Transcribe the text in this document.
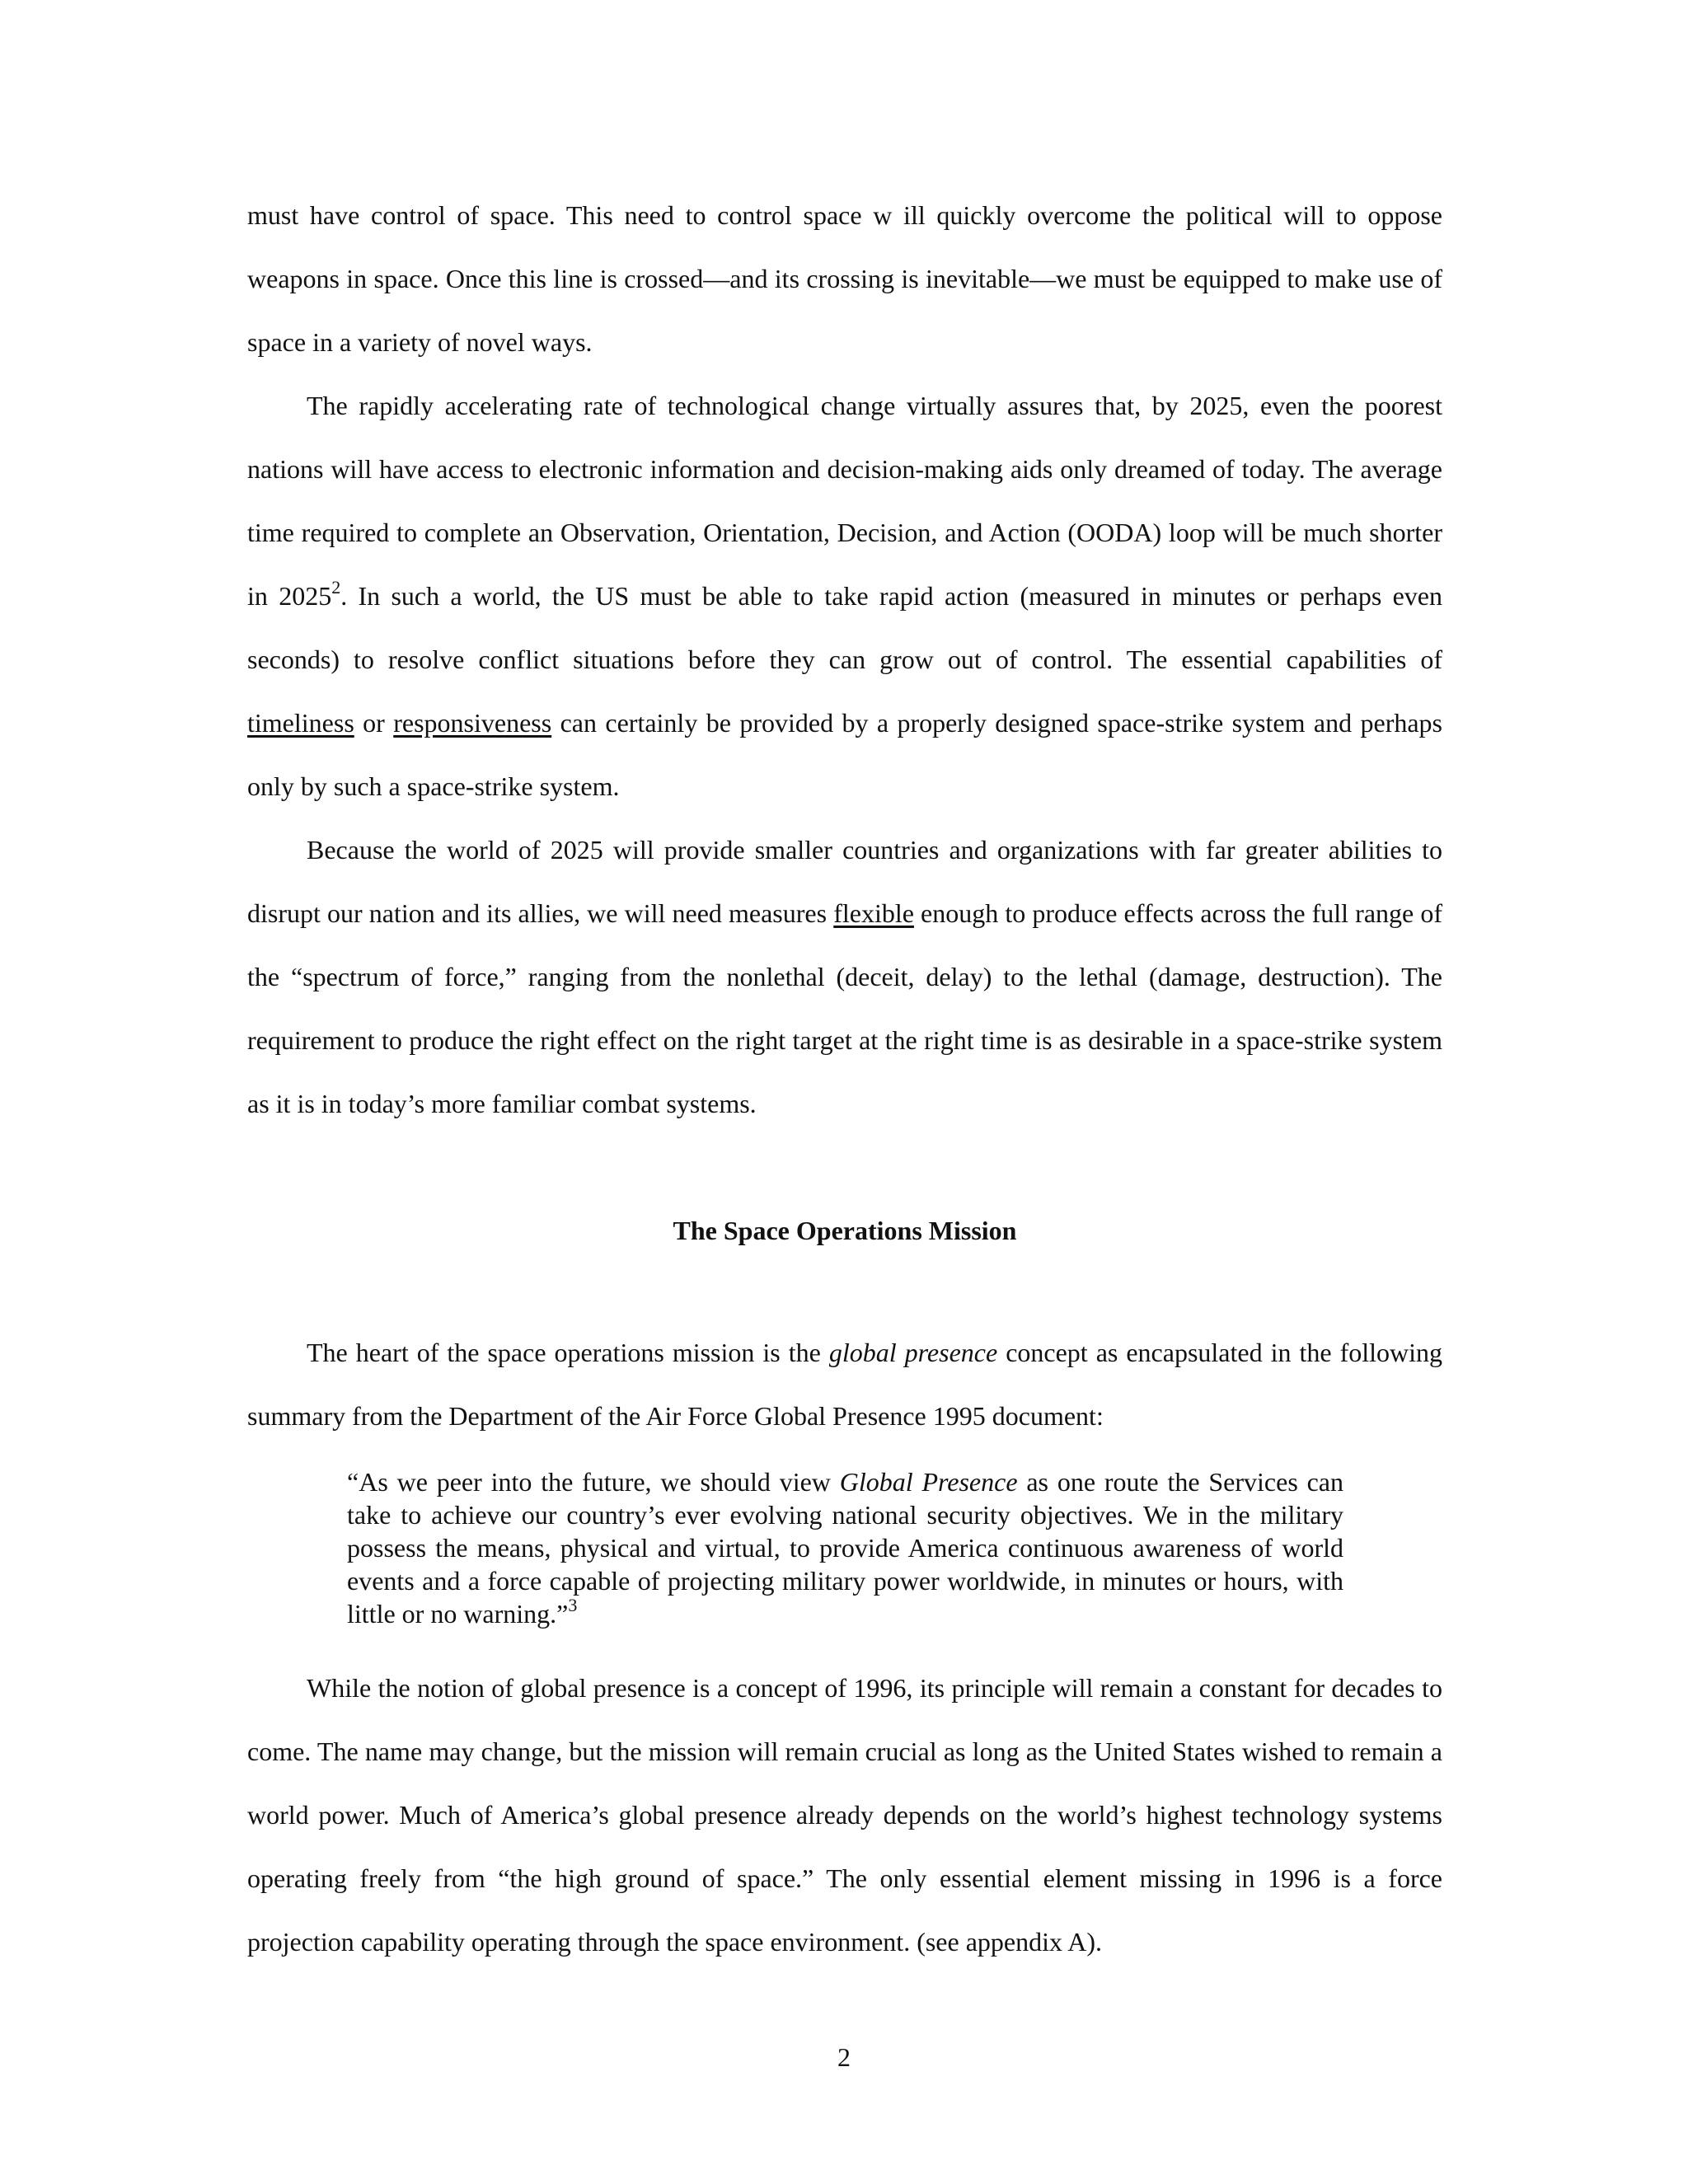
must have control of space. This need to control space w ill quickly overcome the political will to oppose weapons in space. Once this line is crossed—and its crossing is inevitable—we must be equipped to make use of space in a variety of novel ways.

The rapidly accelerating rate of technological change virtually assures that, by 2025, even the poorest nations will have access to electronic information and decision-making aids only dreamed of today. The average time required to complete an Observation, Orientation, Decision, and Action (OODA) loop will be much shorter in 2025$^2$. In such a world, the US must be able to take rapid action (measured in minutes or perhaps even seconds) to resolve conflict situations before they can grow out of control. The essential capabilities of timeliness or responsiveness can certainly be provided by a properly designed space-strike system and perhaps only by such a space-strike system.

Because the world of 2025 will provide smaller countries and organizations with far greater abilities to disrupt our nation and its allies, we will need measures flexible enough to produce effects across the full range of the “spectrum of force,” ranging from the nonlethal (deceit, delay) to the lethal (damage, destruction). The requirement to produce the right effect on the right target at the right time is as desirable in a space-strike system as it is in today’s more familiar combat systems.

The Space Operations Mission

The heart of the space operations mission is the global presence concept as encapsulated in the following summary from the Department of the Air Force Global Presence 1995 document:

“As we peer into the future, we should view Global Presence as one route the Services can take to achieve our country’s ever evolving national security objectives. We in the military possess the means, physical and virtual, to provide America continuous awareness of world events and a force capable of projecting military power worldwide, in minutes or hours, with little or no warning.”$^3$

While the notion of global presence is a concept of 1996, its principle will remain a constant for decades to come. The name may change, but the mission will remain crucial as long as the United States wished to remain a world power. Much of America’s global presence already depends on the world’s highest technology systems operating freely from “the high ground of space.” The only essential element missing in 1996 is a force projection capability operating through the space environment. (see appendix A).

2
